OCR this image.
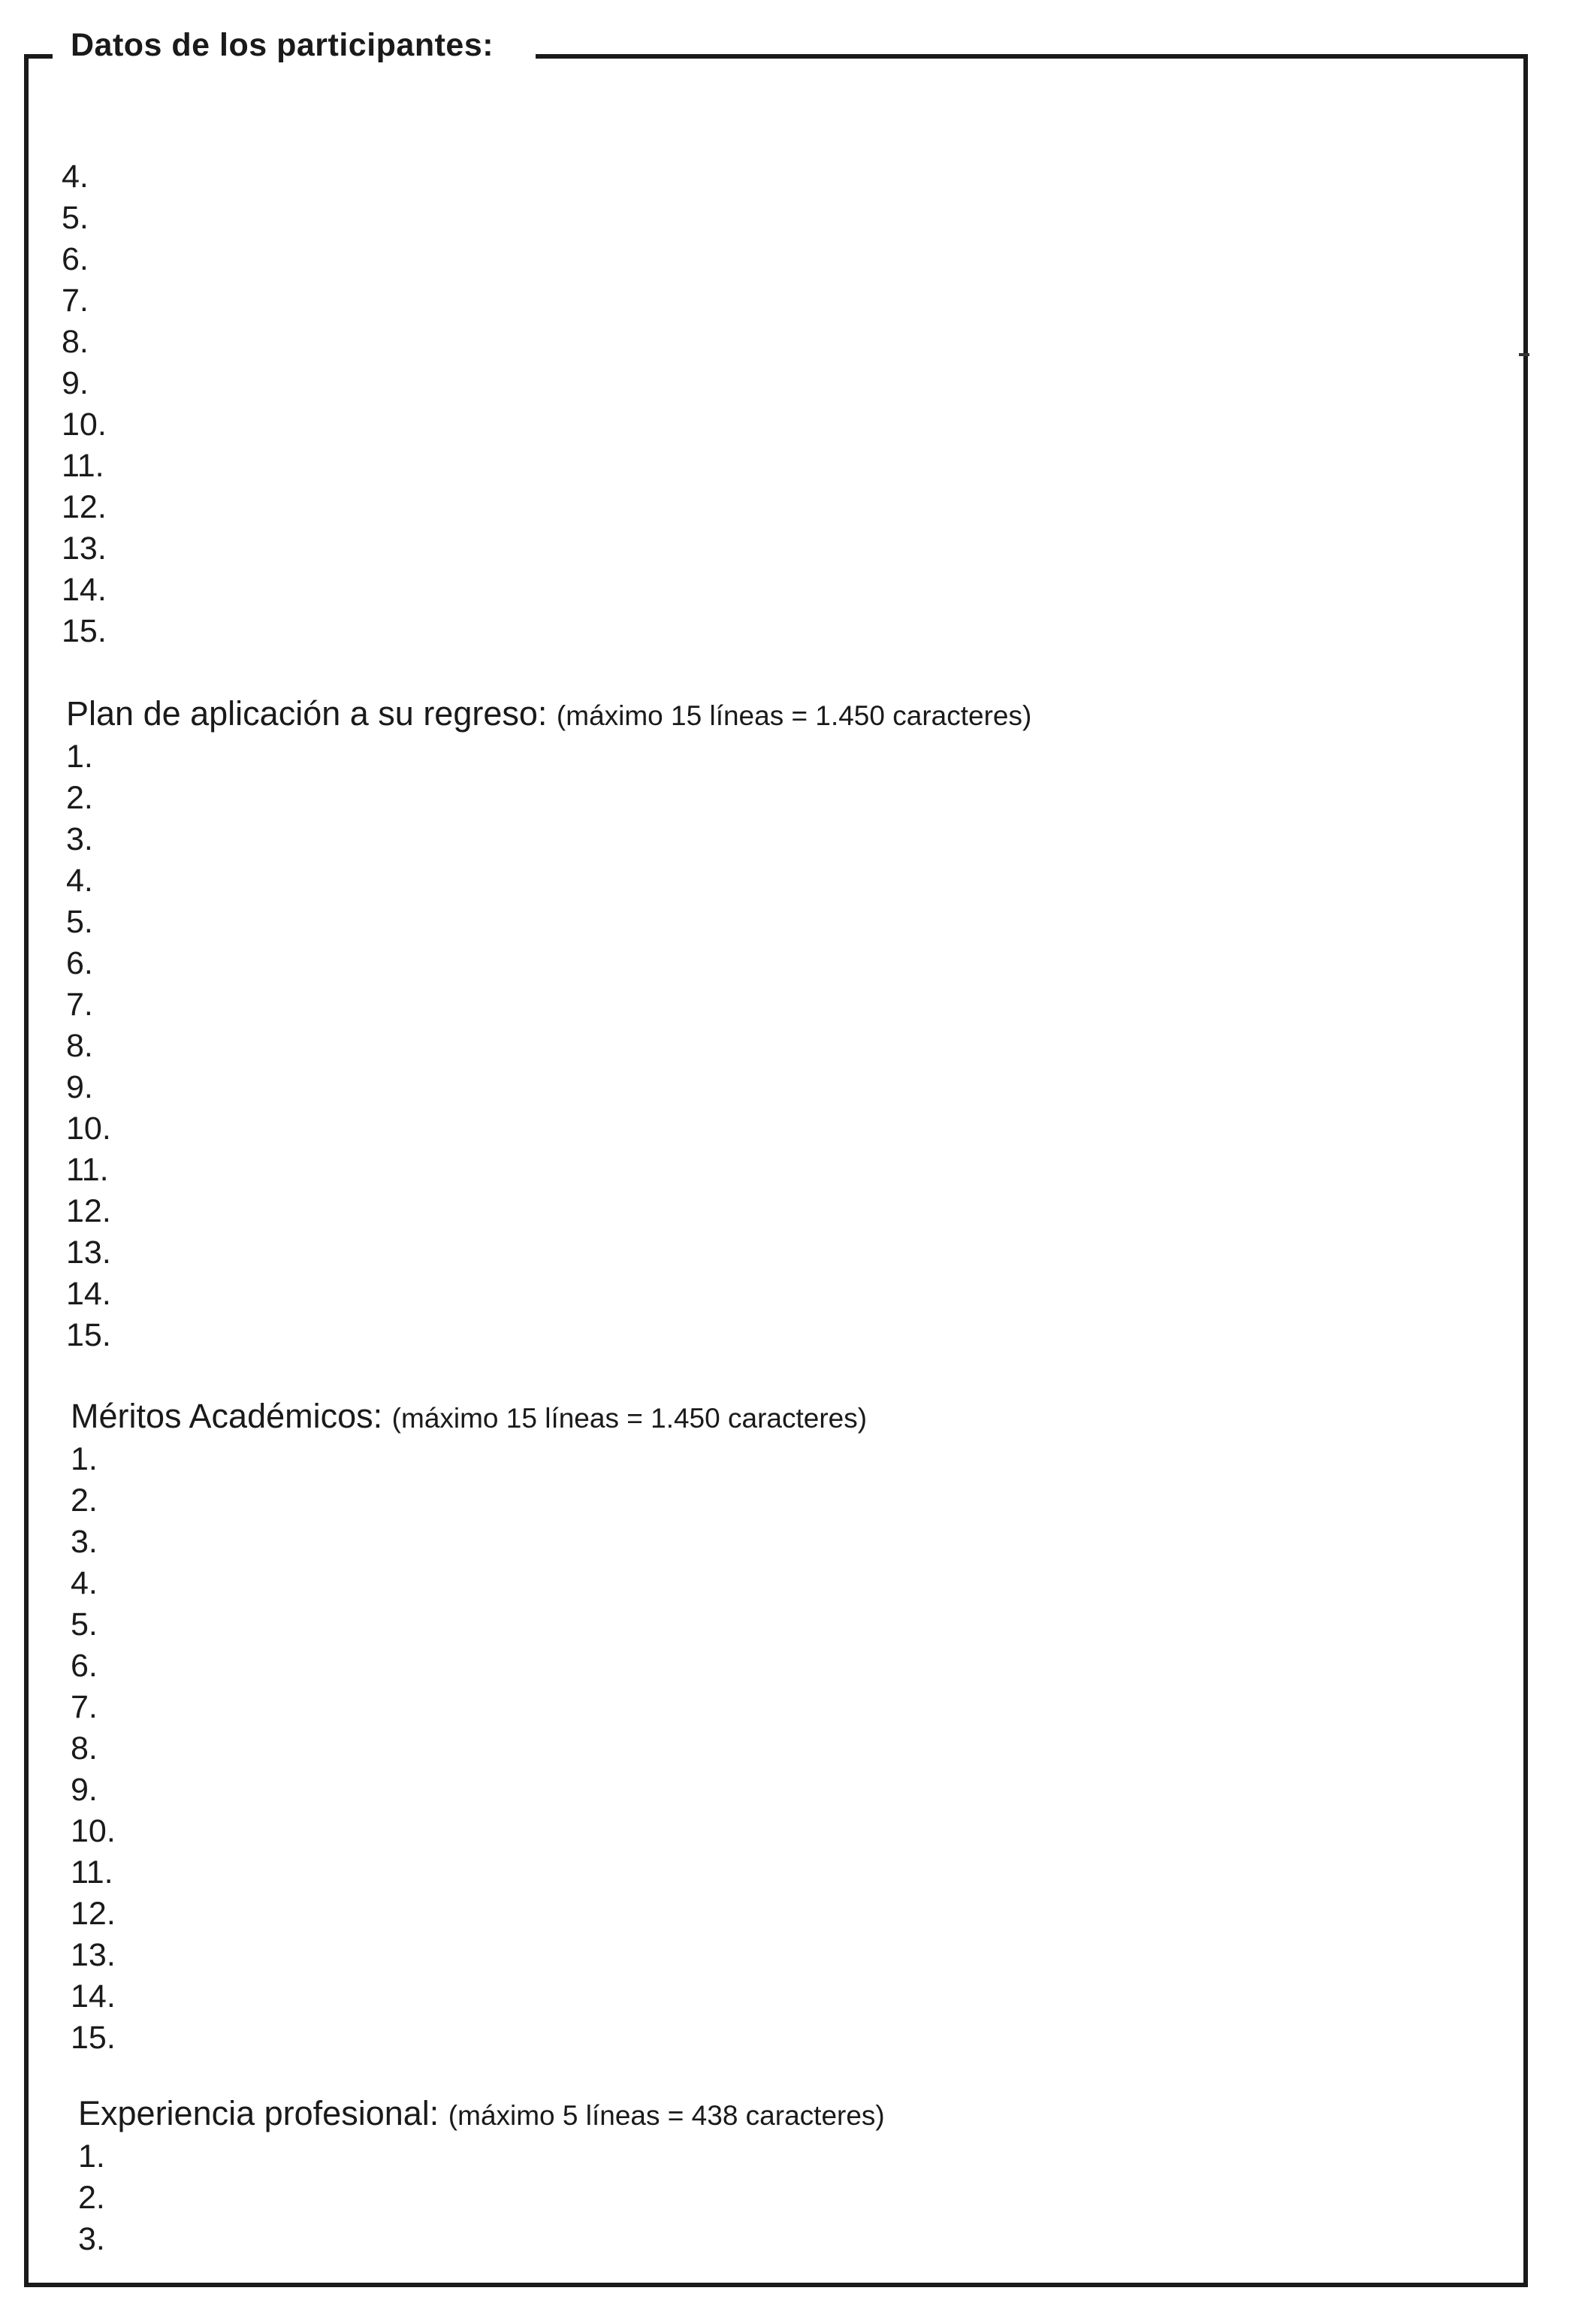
Datos de los participantes:
4.
5.
6.
7.
8.
9.
10.
11.
12.
13.
14.
15.
Plan de aplicación a su regreso: (máximo 15 líneas = 1.450 caracteres)
1.
2.
3.
4.
5.
6.
7.
8.
9.
10.
11.
12.
13.
14.
15.
Méritos Académicos: (máximo 15 líneas = 1.450 caracteres)
1.
2.
3.
4.
5.
6.
7.
8.
9.
10.
11.
12.
13.
14.
15.
Experiencia profesional: (máximo 5 líneas = 438 caracteres)
1.
2.
3.
